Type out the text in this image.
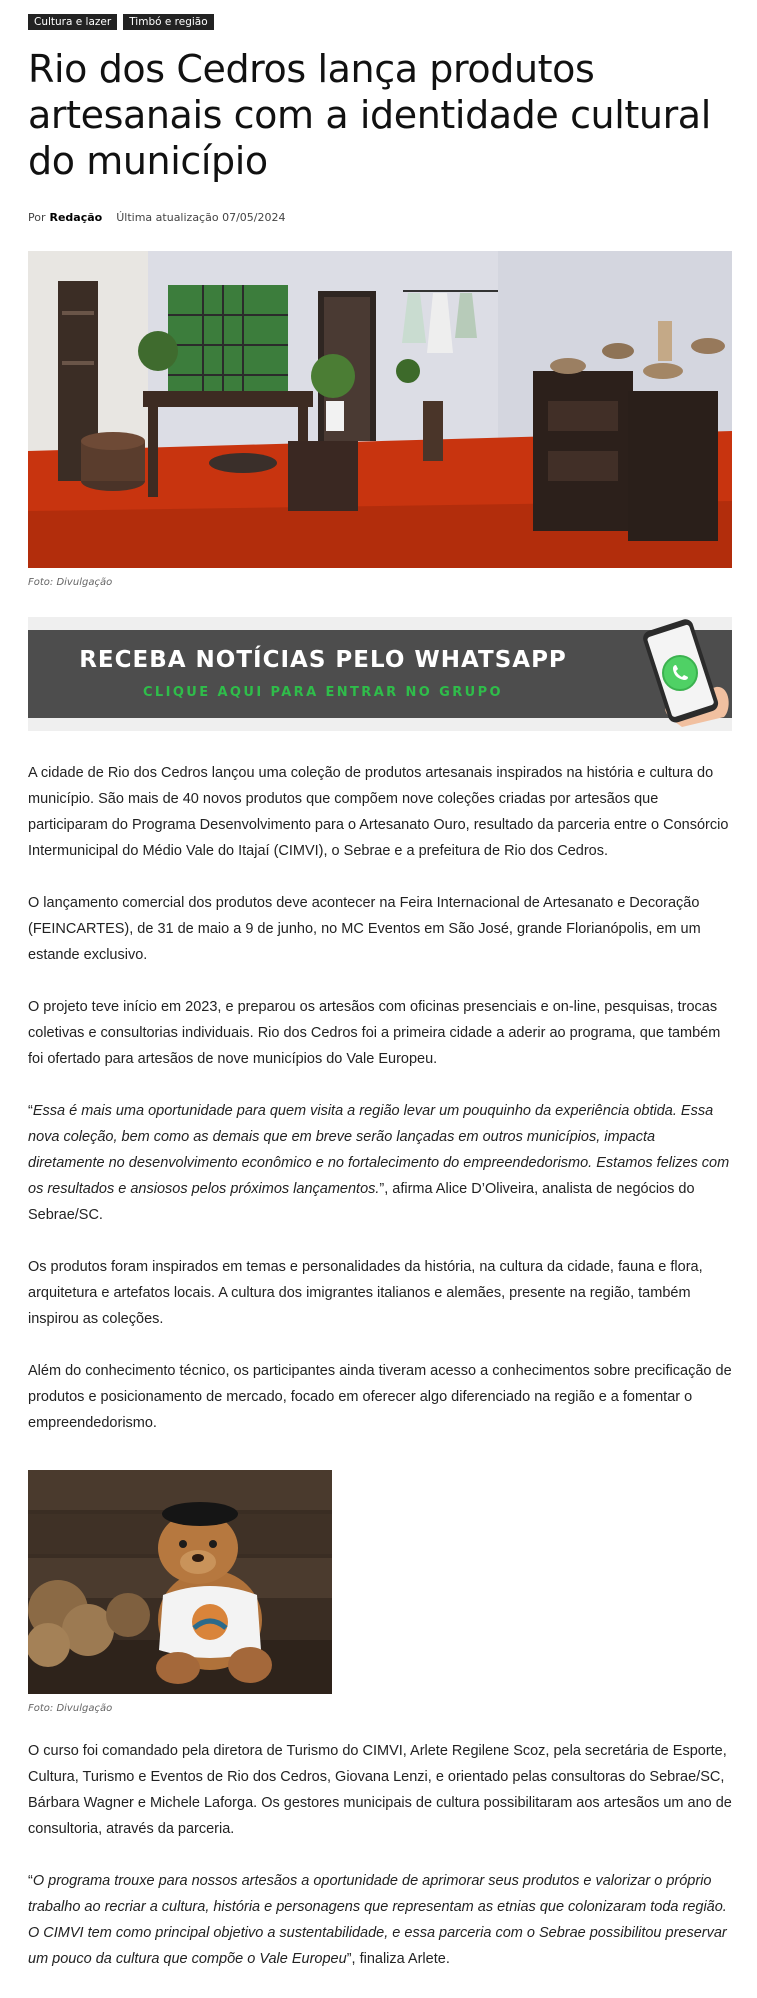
Cultura e lazer	Timbó e região
Rio dos Cedros lança produtos artesanais com a identidade cultural do município
Por Redação Última atualização 07/05/2024
Foto: Divulgação
RECEBA NOTÍCIAS PELO WHATSAPP
CLIQUE AQUI PARA ENTRAR NO GRUPO

A cidade de Rio dos Cedros lançou uma coleção de produtos artesanais inspirados na história e cultura do município. São mais de 40 novos produtos que compõem nove coleções criadas por artesãos que participaram do Programa Desenvolvimento para o Artesanato Ouro, resultado da parceria entre o Consórcio Intermunicipal do Médio Vale do Itajaí (CIMVI), o Sebrae e a prefeitura de Rio dos Cedros.

O lançamento comercial dos produtos deve acontecer na Feira Internacional de Artesanato e Decoração (FEINCARTES), de 31 de maio a 9 de junho, no MC Eventos em São José, grande Florianópolis, em um estande exclusivo.

O projeto teve início em 2023, e preparou os artesãos com oficinas presenciais e on-line, pesquisas, trocas coletivas e consultorias individuais. Rio dos Cedros foi a primeira cidade a aderir ao programa, que também foi ofertado para artesãos de nove municípios do Vale Europeu.

“Essa é mais uma oportunidade para quem visita a região levar um pouquinho da experiência obtida. Essa nova coleção, bem como as demais que em breve serão lançadas em outros municípios, impacta diretamente no desenvolvimento econômico e no fortalecimento do empreendedorismo. Estamos felizes com os resultados e ansiosos pelos próximos lançamentos.”, afirma Alice D’Oliveira, analista de negócios do Sebrae/SC.

Os produtos foram inspirados em temas e personalidades da história, na cultura da cidade, fauna e flora, arquitetura e artefatos locais. A cultura dos imigrantes italianos e alemães, presente na região, também inspirou as coleções.

Além do conhecimento técnico, os participantes ainda tiveram acesso a conhecimentos sobre precificação de produtos e posicionamento de mercado, focado em oferecer algo diferenciado na região e a fomentar o empreendedorismo.

Foto: Divulgação

O curso foi comandado pela diretora de Turismo do CIMVI, Arlete Regilene Scoz, pela secretária de Esporte, Cultura, Turismo e Eventos de Rio dos Cedros, Giovana Lenzi, e orientado pelas consultoras do Sebrae/SC, Bárbara Wagner e Michele Laforga. Os gestores municipais de cultura possibilitaram aos artesãos um ano de consultoria, através da parceria.

“O programa trouxe para nossos artesãos a oportunidade de aprimorar seus produtos e valorizar o próprio trabalho ao recriar a cultura, história e personagens que representam as etnias que colonizaram toda região. O CIMVI tem como principal objetivo a sustentabilidade, e essa parceria com o Sebrae possibilitou preservar um pouco da cultura que compõe o Vale Europeu”, finaliza Arlete.
